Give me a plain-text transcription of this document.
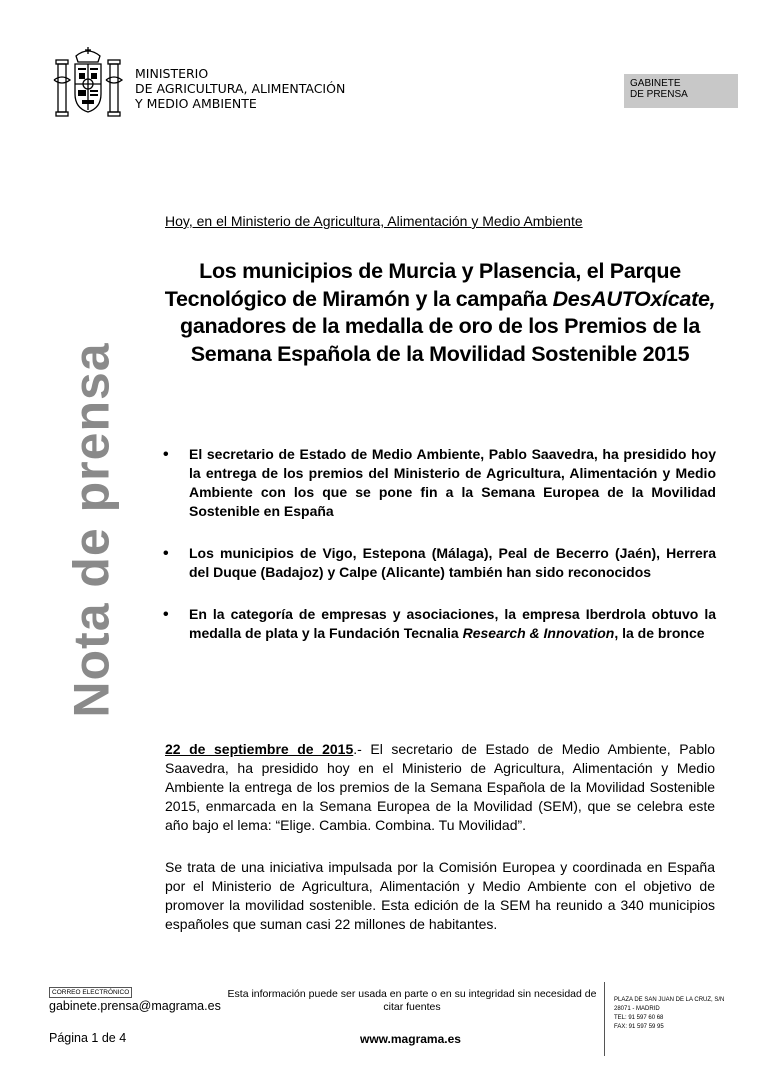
MINISTERIO
DE AGRICULTURA, ALIMENTACIÓN
Y MEDIO AMBIENTE
GABINETE
DE PRENSA
Nota de prensa
Hoy, en el Ministerio de Agricultura, Alimentación y Medio Ambiente
Los municipios de Murcia y Plasencia, el Parque Tecnológico de Miramón y la campaña DesAUTOxícate, ganadores de la medalla de oro de los Premios de la Semana Española de la Movilidad Sostenible 2015
• El secretario de Estado de Medio Ambiente, Pablo Saavedra, ha presidido hoy la entrega de los premios del Ministerio de Agricultura, Alimentación y Medio Ambiente con los que se pone fin a la Semana Europea de la Movilidad Sostenible en España
• Los municipios de Vigo, Estepona (Málaga), Peal de Becerro (Jaén), Herrera del Duque (Badajoz) y Calpe (Alicante) también han sido reconocidos
• En la categoría de empresas y asociaciones, la empresa Iberdrola obtuvo la medalla de plata y la Fundación Tecnalia Research & Innovation, la de bronce
22 de septiembre de 2015.- El secretario de Estado de Medio Ambiente, Pablo Saavedra, ha presidido hoy en el Ministerio de Agricultura, Alimentación y Medio Ambiente la entrega de los premios de la Semana Española de la Movilidad Sostenible 2015, enmarcada en la Semana Europea de la Movilidad (SEM), que se celebra este año bajo el lema: “Elige. Cambia. Combina. Tu Movilidad”.
Se trata de una iniciativa impulsada por la Comisión Europea y coordinada en España por el Ministerio de Agricultura, Alimentación y Medio Ambiente con el objetivo de promover la movilidad sostenible. Esta edición de la SEM ha reunido a 340 municipios españoles que suman casi 22 millones de habitantes.
CORREO ELECTRÓNICO
gabinete.prensa@magrama.es
Esta información puede ser usada en parte o en su integridad sin necesidad de citar fuentes
PLAZA DE SAN JUAN DE LA CRUZ, S/N
28071 - MADRID
TEL: 91 597 60 68
FAX: 91 597 59 95
Página 1 de 4	www.magrama.es
